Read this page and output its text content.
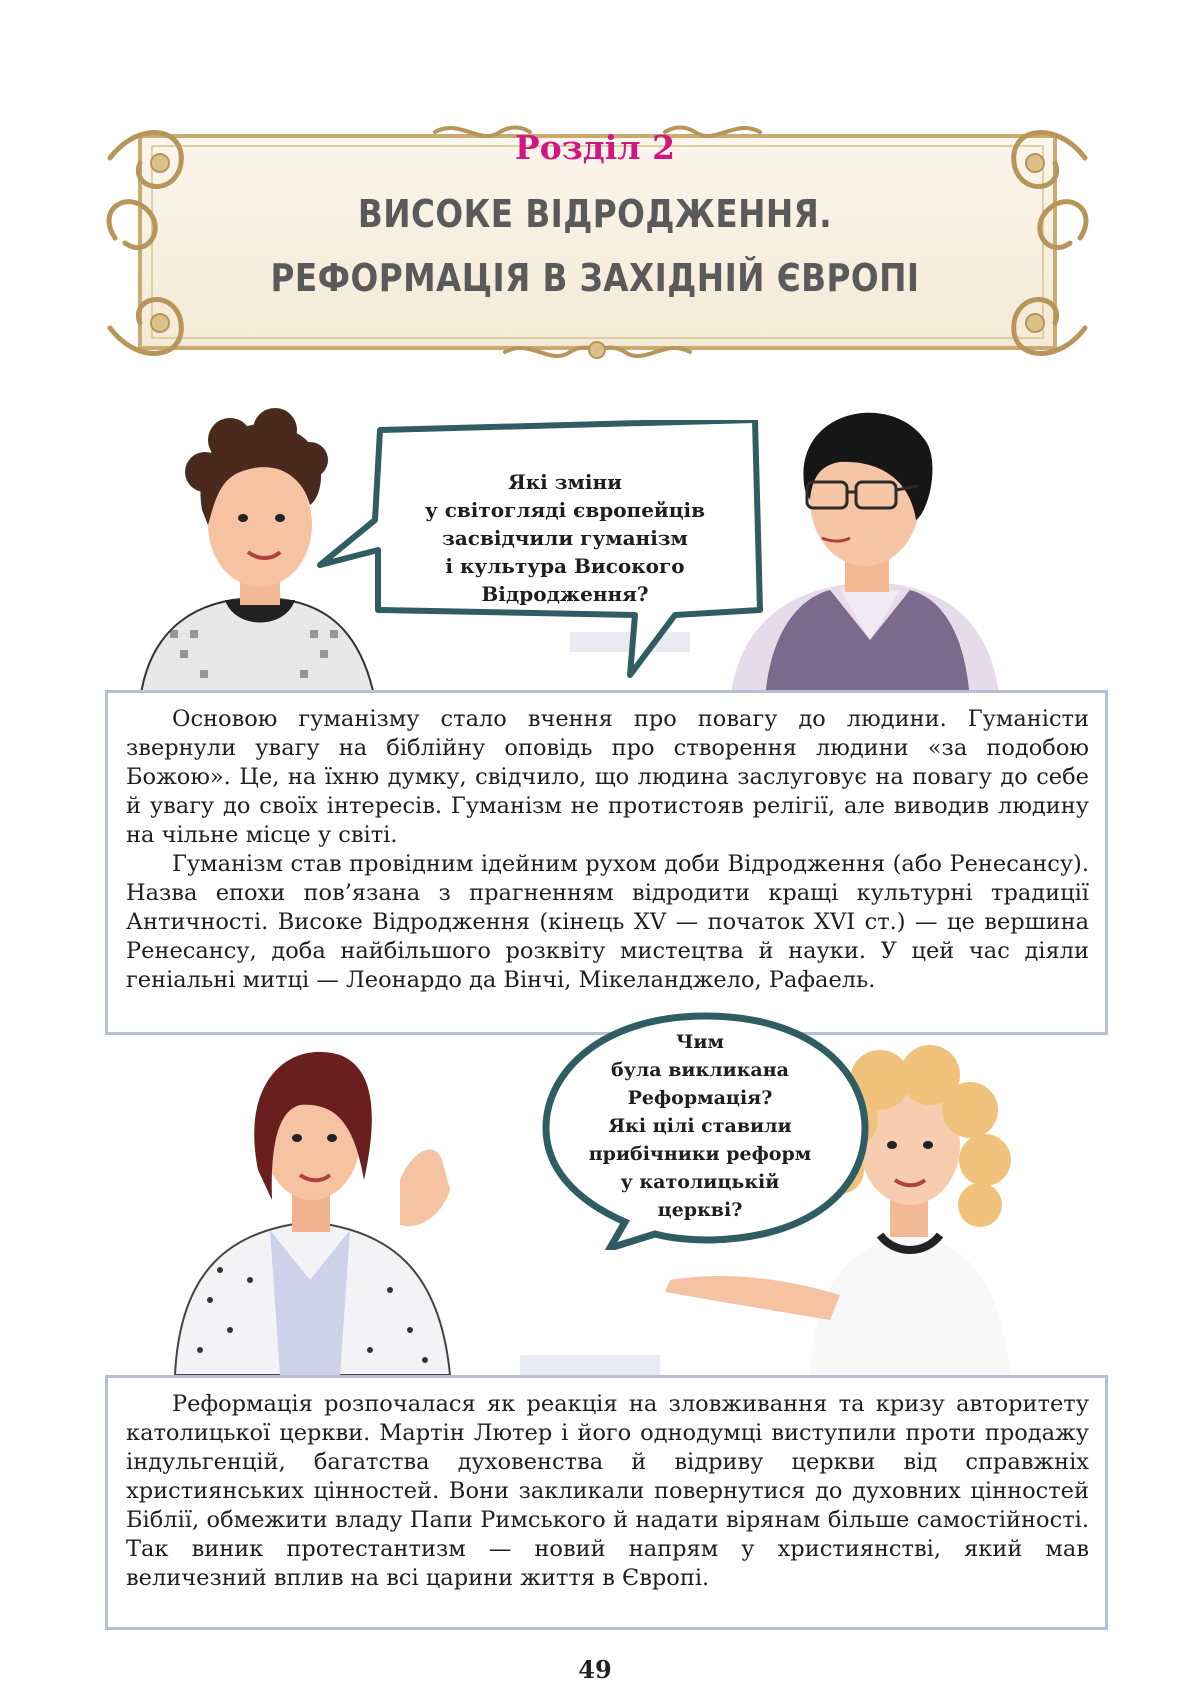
Розділ 2
ВИСОКЕ ВІДРОДЖЕННЯ.
РЕФОРМАЦІЯ В ЗАХІДНІЙ ЄВРОПІ
Які зміни
у світогляді європейців
засвідчили гуманізм
і культура Високого
Відродження?

Основою гуманізму стало вчення про повагу до людини. Гуманісти звернули увагу на біблійну оповідь про створення людини «за подобою Божою». Це, на їхню думку, свідчило, що людина заслуговує на повагу до себе й увагу до своїх інтересів. Гуманізм не протистояв релігії, але виводив людину на чільне місце у світі.

Гуманізм став провідним ідейним рухом доби Відродження (або Ренесансу). Назва епохи пов’язана з прагненням відродити кращі культурні традиції Античності. Високе Відродження (кінець XV — початок XVI ст.) — це вершина Ренесансу, доба найбільшого розквіту мистецтва й науки. У цей час діяли геніальні митці — Леонардо да Вінчі, Мікеланджело, Рафаель.

Чим
була викликана
Реформація?
Які цілі ставили
прибічники реформ
у католицькій
церкві?

Реформація розпочалася як реакція на зловживання та кризу авторитету католицької церкви. Мартін Лютер і його однодумці виступили проти продажу індульгенцій, багатства духовенства й відриву церкви від справжніх християнських цінностей. Вони закликали повернутися до духовних цінностей Біблії, обмежити владу Папи Римського й надати вірянам більше самостійності. Так виник протестантизм — новий напрям у християнстві, який мав величезний вплив на всі царини життя в Європі.

49
